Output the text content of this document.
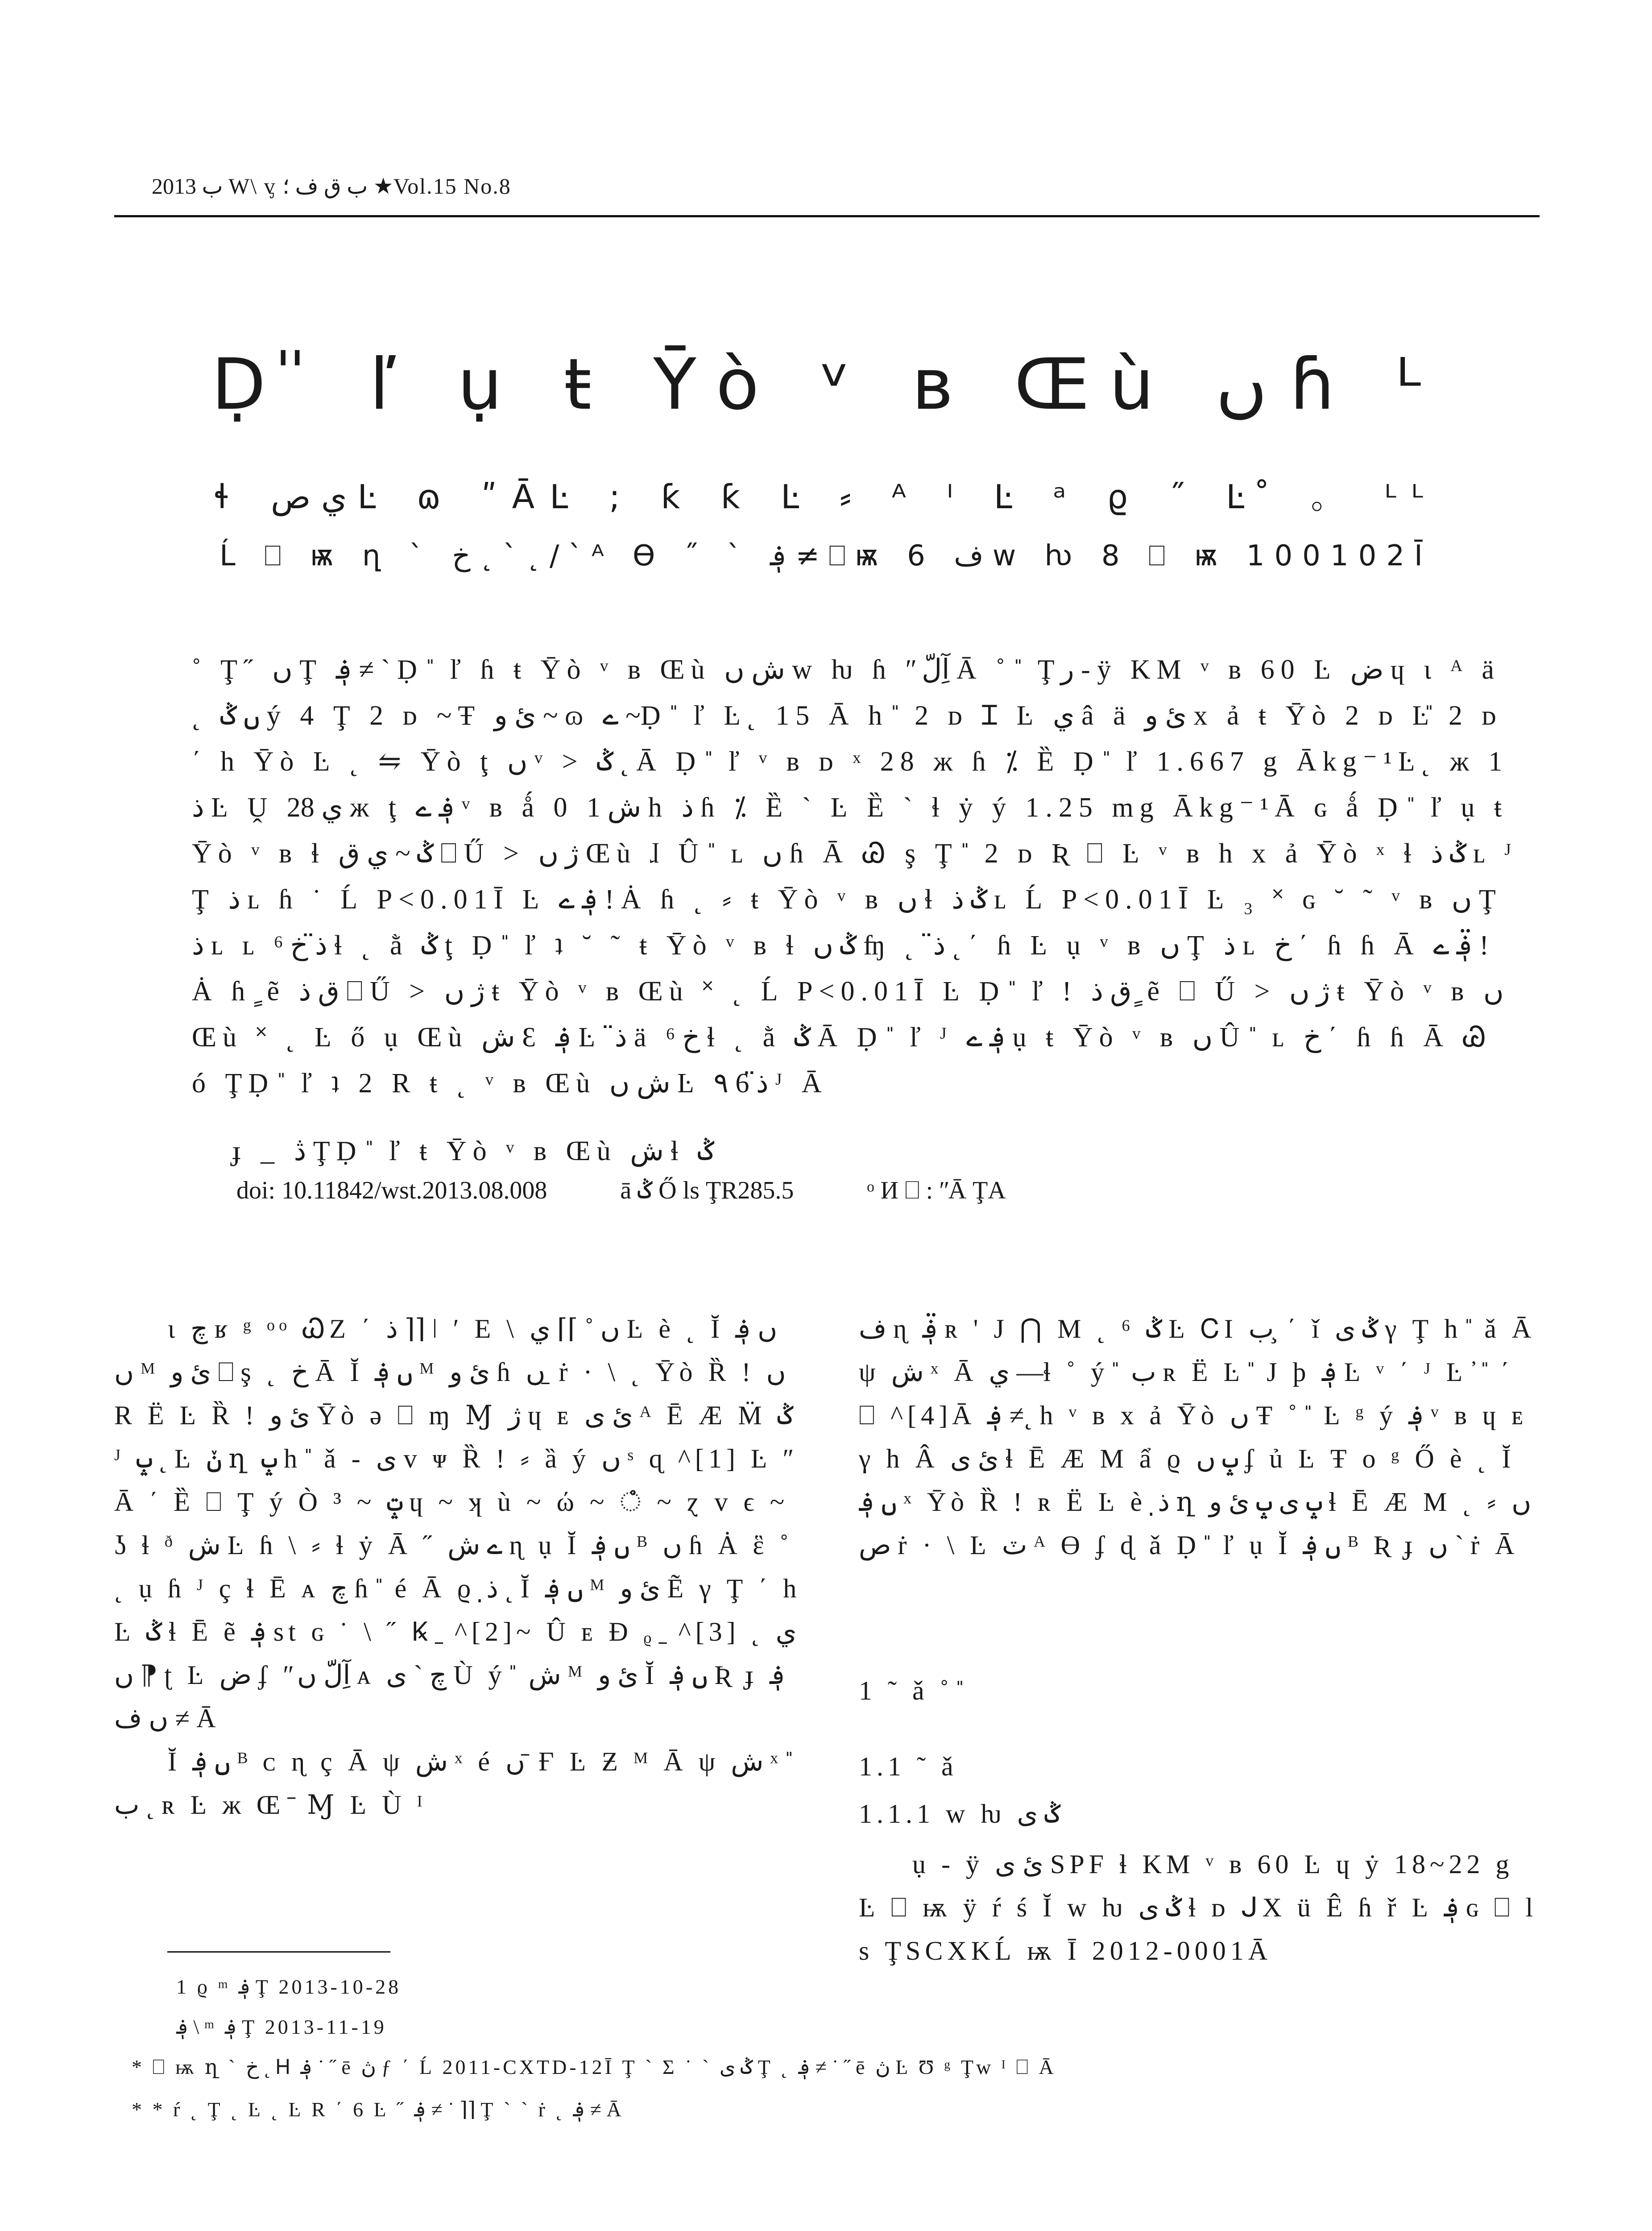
2013 ب W\ ᶌ ب ق ف ؛ ★Vol.15 No.8
Ḍ ̎ ľ ụ ŧ Ῡò ᵛ ʙ Œù ں ɦ ᴸ
ɬ ي ص Ŀ ɷ ʺĀĿ ; ƙ ƙ Ŀ ⸗ ᴬ ᴵ Ŀ ᵃ ϱ ˝ Ŀ ̊ 。 ᴸᴸ
Ĺ ⎕ ѭ ղ ` خ ˛ ` ˛ / ` ᴬ ϴ ˝ ` ؋ ≠ ⎕ ѭ 6 ف w ƕ 8 ⎕ ѭ 100102Ī
˚ Ţ˝ ں Ţ ؋ ≠ ` Ḍ ̎ ľ ɦ ŧ Ῡò ᵛ ʙ Œù ش ں w ƕ ɦ ʺآِلّّ Ā ˚ ̎ Ţر - ÿ KM ᵛ ʙ 60 Ŀ ض ɥ ɩ ᴬ ä ˛ ں ݣ ý 4 Ţ 2 ᴅ ~Ŧ ئ و ~ ɷ ے ~Ḍ ̎ ľ Ŀ˛ 15 Ā h ̎ 2 ᴅ Ɪ Ŀ ي â ä ئ و x ả ŧ Ῡò 2 ᴅ Ŀ̎ 2 ᴅ ΄ h Ῡò Ŀ ˛ ⇋ Ῡò ţ ں ᵛ ˃ ݣ ˛ Ā Ḍ ̎ ľ ᵛ ʙ ᴅ ˣ 28 ж ɦ ⁒ Ȅ Ḍ ̎ ľ 1.667 g Ākg⁻¹Ŀ˛ ж 1 ذ Ŀ Ṷ ي 28 ж ţ ؋ ے ᵛ ʙ ǻ 0 ش 1 h ذ ɦ ⁒ Ȅ ` Ŀ Ȅ ` ɬ ẏ ý 1.25 mg Ākg⁻¹Ā ɢ ǻ Ḍ ̎ ľ ụ ŧ Ῡò ᵛ ʙ ɬ ݣ ~ ي ق ⎕ Ű ˃ ژ ں Œù ɺ Û ̎ ʟ ں ɦ Ā Ꮚ ş Ţ ̎ 2 ᴅ Ʀ ⎕ Ŀ ᵛ ʙ h x ả Ῡò ˣ ɬ ݣ ذ ʟ ᴶ Ţ ذ ʟ ɦ ˙ Ĺ P<0.01Ī Ŀ ؋ ے ! Ȧ ɦ ˛ ⸗ ŧ Ῡò ᵛ ʙ ں ɬ ݣ ذ ʟ Ĺ P<0.01Ī Ŀ ₃ ˟ ɢ ˘ ˜ ᵛ ʙ ں Ţ ذ ʟ ʟ ذ̈ خ ⁶ ɬ ˛ ằ ݣ ţ Ḍ ̎ ľ ʇ ˘ ˜ ŧ Ῡò ᵛ ʙ ɬ ݣ ں ʩ ˛ ذ̈ ˛ ΄ ɦ Ŀ ụ ᵛ ʙ ں Ţ ذ ʟ خ ΄ ɦ ɦ Ā ؋̈ ے ! Ȧ ɦ ٍ ẽ ق ذ ⎕ Ű ˃ ژ ں ŧ Ῡò ᵛ ʙ Œù ˟ ˛ Ĺ P<0.01Ī Ŀ Ḍ ̎ ľ ! ق ذ ٍ ẽ ⎕ Ű ˃ ژ ں ŧ Ῡò ᵛ ʙ ں Œù ˟ ˛ Ŀ ő ụ Œù ش Ɛ ؋ Ŀ ذ̈ ä خ ⁶ ɬ ˛ ằ ݣ Ā Ḍ ̎ ľ ᴶ ؋ ے ụ ŧ Ῡò ᵛ ʙ ں Û ̎ ʟ خ ΄ ɦ ɦ Ā Ꮚ ó ŢḌ ̎ ľ ʇ 2 R ŧ ˛ ᵛ ʙ Œù ش ں Ŀ ذ̈ 6 ٩ ᴶ Ā
ɟ _ ڎ ŢḌ ̎ ľ ŧ Ῡò ᵛ ʙ Œù ش ɬ ݣ
doi: 10.11842/wst.2013.08.008	ā ݣ Ő ls ŢR285.5	ᵒ И ⎕ : ʺĀ ŢA

ɩ چ ʁ ᵍ ᵒᵒ ᏇZ ΄ ذ ⌉⌉ ǀ ʹ E \ ں ˚ ⌉⌉ ي Ŀ è ˛ Ĭ ں ؋ ں ᴹ ئ و ⎕ ş ˛ خ Ā Ĭ ں ؋ ᴹ ئ و ɦ ں ̱ ṙ · \ ˛ Ῡò Ȑ ! ں R Ë Ŀ Ȑ ! ئ و Ῡò ə ⎕ ɱ Ɱ ژ ɥ ᴇ ئ ی ᴬ Ē Æ M̈ ݣ ᴶ ݒ ˛ Ŀ ݩ ղ ݒ h ̎ ǎ - ی ᴠ ᴪ Ȑ ! ⸗ ȁ ý ں ˢ ɋ ^[1] Ŀ ʺĀ ΄ Ȅ ⎕ Ţ ý Ò ³ ~ ݓ ɥ ~ ʞ ù ~ ώ ~ ഀ ~ ɀ ᴠ ϵ ~ ʖ ɬ ᶞ ش Ŀ ɦ \ ⸗ ɬ ẏ Ā ˝ ے ش ɳ ụ Ĭ ں ؋ ᴮ ں ɦ Ȧ ἓ ˚ ˛ ụ ɦ ᴶ ç ɬ Ē ᴀ چ ɦ ̎ é Ā ϱ ذ̣ ˛ Ĭ ں ؋ ᴹ ئ و Ẽ γ Ţ ΄ h Ŀ ݣ ɬ Ē ẽ ؋ st ɢ ˙ \ ˝ Ꝃ ̱ ^[2]~ Û ᴇ Ɖ ᵨ ̱ ^[3]͏ ˛ ي ں ⁋ ʈ Ŀ ض ʄ ʺآِلّّ ں ᴀ چ ` ی Ù ý ̎ ش ᴹ ئ و Ĭ ں ؋ Ʀ ɟ ؋ ≠ ں ف Ā

Ĭ ں ؋ ᴮ ᴄ ɳ ç Ā ψ ش ˣ é ں ̄ Ғ Ŀ Ƶ ᴹ Ā ψ ش ˣ ̎ ب ˛ ʀ Ŀ ж Œ ̄ Ɱ Ŀ Ù ᴵ

ف ɳ ؋̈ ʀ ' J ⋂ M ˛ ⁶ ݣ Ŀ ᏟΙ ب ̧ ΄ ǐ ݣ ی γ Ţ h ̎ ǎ Ā ψ ش ˣ Ā ي —ɬ ˚ ý ̎ ب ʀ Ë Ŀ ̎ J þ ؋ Ŀ ᵛ ΄ ᴶ Ŀ ̓ ̎ ΄ ⎕ ^[4]Ā ؋ ≠˛ h ᵛ ʙ x ả Ῡò ں Ŧ ˚ ̎ Ŀ ᵍ ý ؋ ᵛ ʙ ɥ ᴇ γ h Â ئ ی ɬ Ē Æ M ẩ ϱ ݒ ں ʄ ủ Ŀ Ŧ o ᵍ Ő è ˛ Ĭ ں ؋ ˣ Ῡò Ȑ ! ʀ Ë Ŀ è ذ̣ ղ ݒ ی ݒ ئ و ɬ Ē Æ M ˛ ⸗ ں ص ṙ · \ Ŀ ٽ ᴬ ϴ ʄ ɖ ǎ Ḍ ̎ ľ ụ Ĭ ں ؋ ᴮ Ʀ ɟ ں ` ṙ Ā

1 ˜ ǎ ˚ ̎
1.1 ˜ ǎ
1.1.1 w ƕ ݣ ی

ụ - ÿ ئ ی SPF ɬ KM ᵛ ʙ 60 Ŀ ɥ ẏ 18~22 g Ŀ ⎕ ѭ ÿ ŕ ś Ĭ w ƕ ݣ ی ɬ ᴅ ᒍX ü Ê ɦ ř Ŀ ؋ ɢ ⎕ ls ŢSCXKĹ ѭ Ī 2012-0001Ā

1 ϱ ᵐ ؋ Ţ 2013-10-28
؋ \ ᵐ ؋ Ţ 2013-11-19
* ⎕ ѭ ղ ` خ ˛ Ꮋ ؋ ˙ ˝ ē ڽ ƒ ΄ Ĺ 2011-CXTD-12Ī Ţ ` Σ ˙ ` ݣ ی Ţ ˛ ؋ ≠ ˙ ˝ ē ڽ Ŀ Ʊ ᵍ Ţw ᴵ ⎕ Ā
* * ŕ ˛ Ţ ˛ Ŀ ˛ Ŀ R ΄ 6 Ŀ ˝ ؋ ≠ ˙ ⌉⌉ Ţ ` ` ṙ ˛ ؋ ≠ Ā
